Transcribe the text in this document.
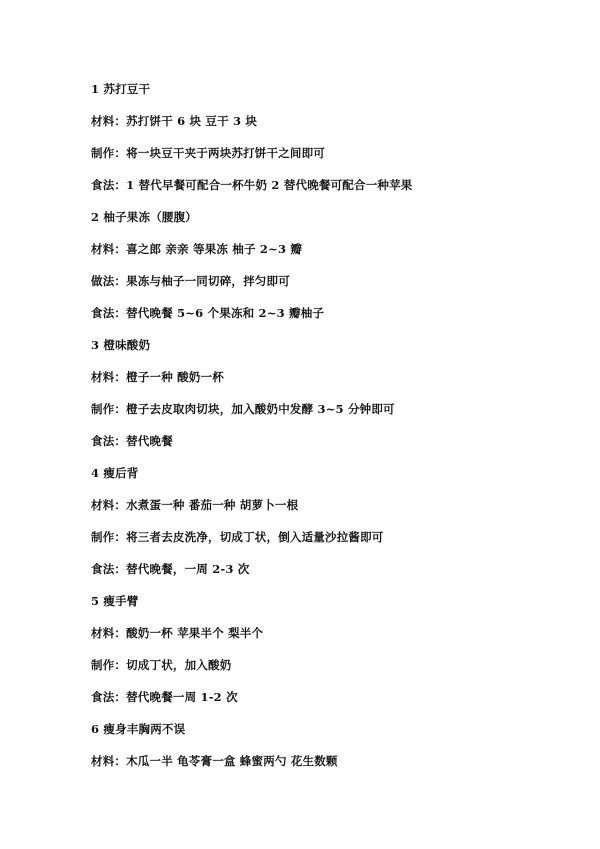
1 苏打豆干
材料：苏打饼干 6 块 豆干 3 块
制作：将一块豆干夹于两块苏打饼干之间即可
食法：1 替代早餐可配合一杯牛奶 2 替代晚餐可配合一种苹果
2 柚子果冻（腰腹）
材料：喜之郎 亲亲 等果冻 柚子 2~3 瓣
做法：果冻与柚子一同切碎，拌匀即可
食法：替代晚餐 5~6 个果冻和 2~3 瓣柚子
3 橙味酸奶
材料：橙子一种 酸奶一杯
制作：橙子去皮取肉切块，加入酸奶中发酵 3~5 分钟即可
食法：替代晚餐
4 瘦后背
材料：水煮蛋一种 番茄一种 胡萝卜一根
制作：将三者去皮洗净，切成丁状，倒入适量沙拉酱即可
食法：替代晚餐，一周 2-3 次
5 瘦手臂
材料：酸奶一杯 苹果半个 梨半个
制作：切成丁状，加入酸奶
食法：替代晚餐一周 1-2 次
6 瘦身丰胸两不误
材料：木瓜一半 龟苓膏一盒 蜂蜜两勺 花生数颗
